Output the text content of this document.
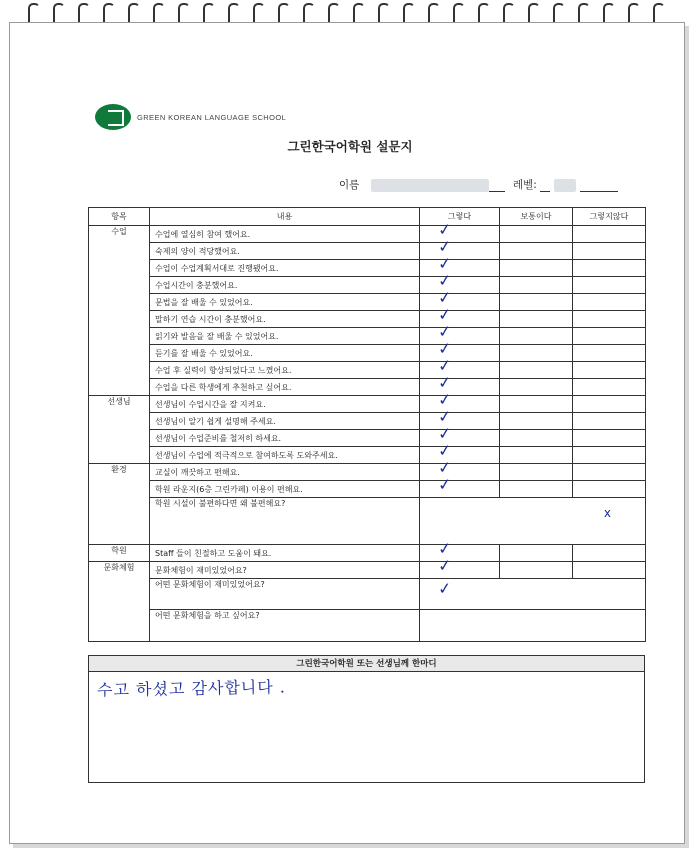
GREEN KOREAN LANGUAGE SCHOOL
그린한국어학원 설문지
이름	레벨:
항목	내용	그렇다	보통이다	그렇지않다
수업	수업에 열심히 참여 했어요.	✓		

	숙제의 양이 적당했어요.	✓		

	수업이 수업계획서대로 진행됐어요.	✓		

	수업시간이 충분했어요.	✓		

	문법을 잘 배울 수 있었어요.	✓		

	말하기 연습 시간이 충분했어요.	✓		

	읽기와 발음을 잘 배울 수 있었어요.	✓		

	듣기를 잘 배울 수 있었어요.	✓		

	수업 후 실력이 향상되었다고 느꼈어요.	✓		

	수업을 다른 학생에게 추천하고 싶어요.	✓		

선생님	선생님이 수업시간을 잘 지켜요.	✓		

	선생님이 알기 쉽게 설명해 주세요.	✓		

	선생님이 수업준비를 철저히 하세요.	✓		

	선생님이 수업에 적극적으로 참여하도록 도와주세요.	✓		

환경	교실이 깨끗하고 편해요.	✓		

	학원 라운지(6층 그린카페) 이용이 편해요.	✓		

	학원 시설이 불편하다면 왜 불편해요?	x		

학원	Staff 들이 친절하고 도움이 돼요.	✓		

문화체험	문화체험이 재미있었어요?	✓		

	어떤 문화체험이 재미있었어요?	✓		

	어떤 문화체험을 하고 싶어요?			
그린한국어학원 또는 선생님께 한마디
수고 하셨고 감사합니다 .
